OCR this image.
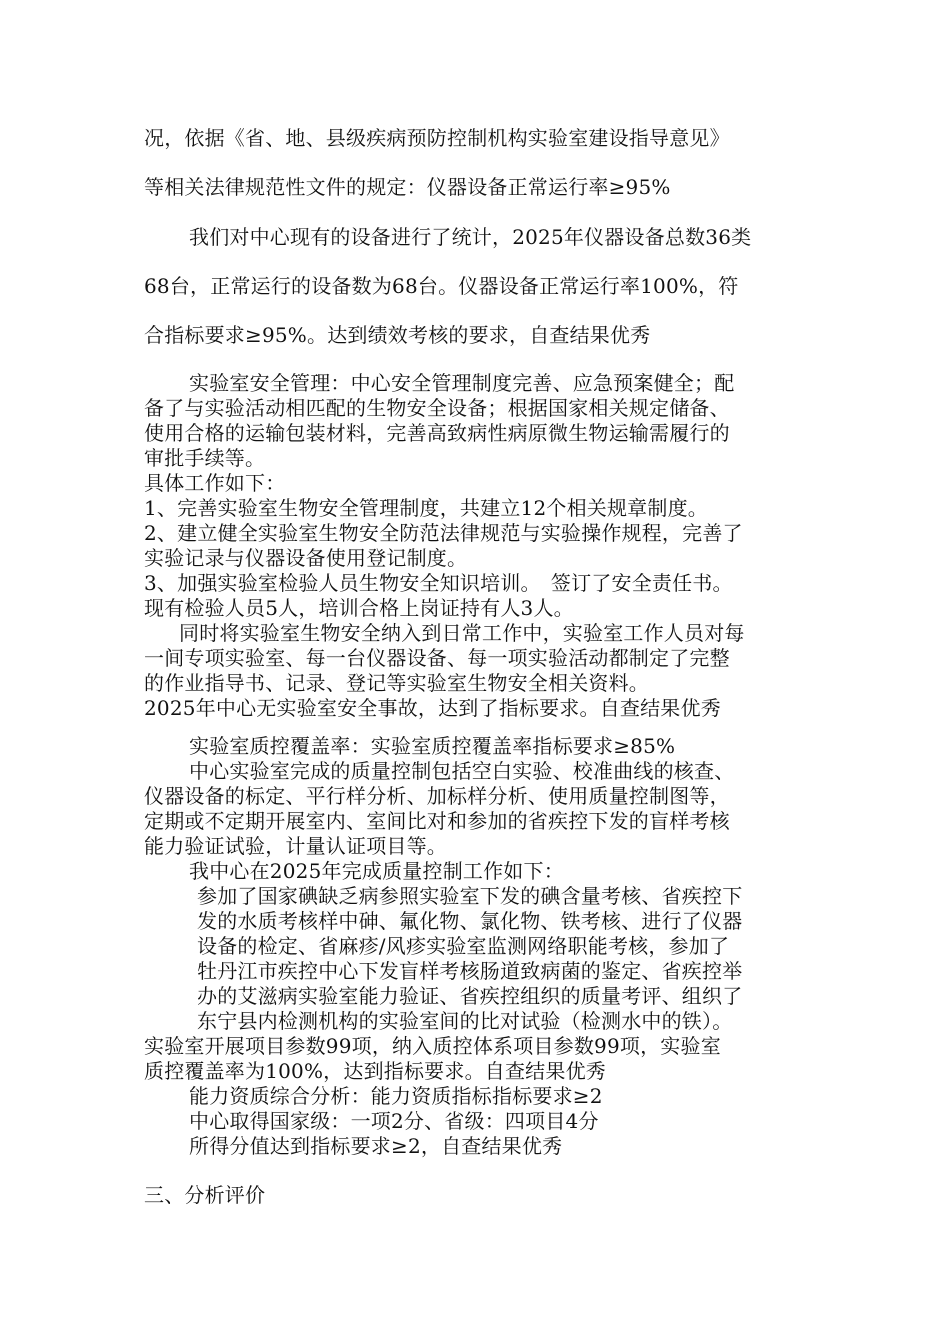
况，依据《省、地、县级疾病预防控制机构实验室建设指导意见》
等相关法律规范性文件的规定：仪器设备正常运行率≥95%
我们对中心现有的设备进行了统计，2025年仪器设备总数36类
68台，正常运行的设备数为68台。仪器设备正常运行率100%，符
合指标要求≥95%。达到绩效考核的要求，自查结果优秀
实验室安全管理：中心安全管理制度完善、应急预案健全；配
备了与实验活动相匹配的生物安全设备；根据国家相关规定储备、
使用合格的运输包装材料，完善高致病性病原微生物运输需履行的
审批手续等。
具体工作如下：
1、完善实验室生物安全管理制度，共建立12个相关规章制度。
2、建立健全实验室生物安全防范法律规范与实验操作规程，完善了
实验记录与仪器设备使用登记制度。
3、加强实验室检验人员生物安全知识培训。　签订了安全责任书。
现有检验人员5人，培训合格上岗证持有人3人。
同时将实验室生物安全纳入到日常工作中，实验室工作人员对每
一间专项实验室、每一台仪器设备、每一项实验活动都制定了完整
的作业指导书、记录、登记等实验室生物安全相关资料。
2025年中心无实验室安全事故，达到了指标要求。自查结果优秀
实验室质控覆盖率：实验室质控覆盖率指标要求≥85%
中心实验室完成的质量控制包括空白实验、校准曲线的核查、
仪器设备的标定、平行样分析、加标样分析、使用质量控制图等，
定期或不定期开展室内、室间比对和参加的省疾控下发的盲样考核
能力验证试验，计量认证项目等。
我中心在2025年完成质量控制工作如下：
参加了国家碘缺乏病参照实验室下发的碘含量考核、省疾控下
发的水质考核样中砷、氟化物、氯化物、铁考核、进行了仪器
设备的检定、省麻疹/风疹实验室监测网络职能考核，参加了
牡丹江市疾控中心下发盲样考核肠道致病菌的鉴定、省疾控举
办的艾滋病实验室能力验证、省疾控组织的质量考评、组织了
东宁县内检测机构的实验室间的比对试验（检测水中的铁）。
实验室开展项目参数99项，纳入质控体系项目参数99项，实验室
质控覆盖率为100%，达到指标要求。自查结果优秀
能力资质综合分析：能力资质指标指标要求≥2
中心取得国家级：一项2分、省级：四项目4分
所得分值达到指标要求≥2，自查结果优秀
三、分析评价
